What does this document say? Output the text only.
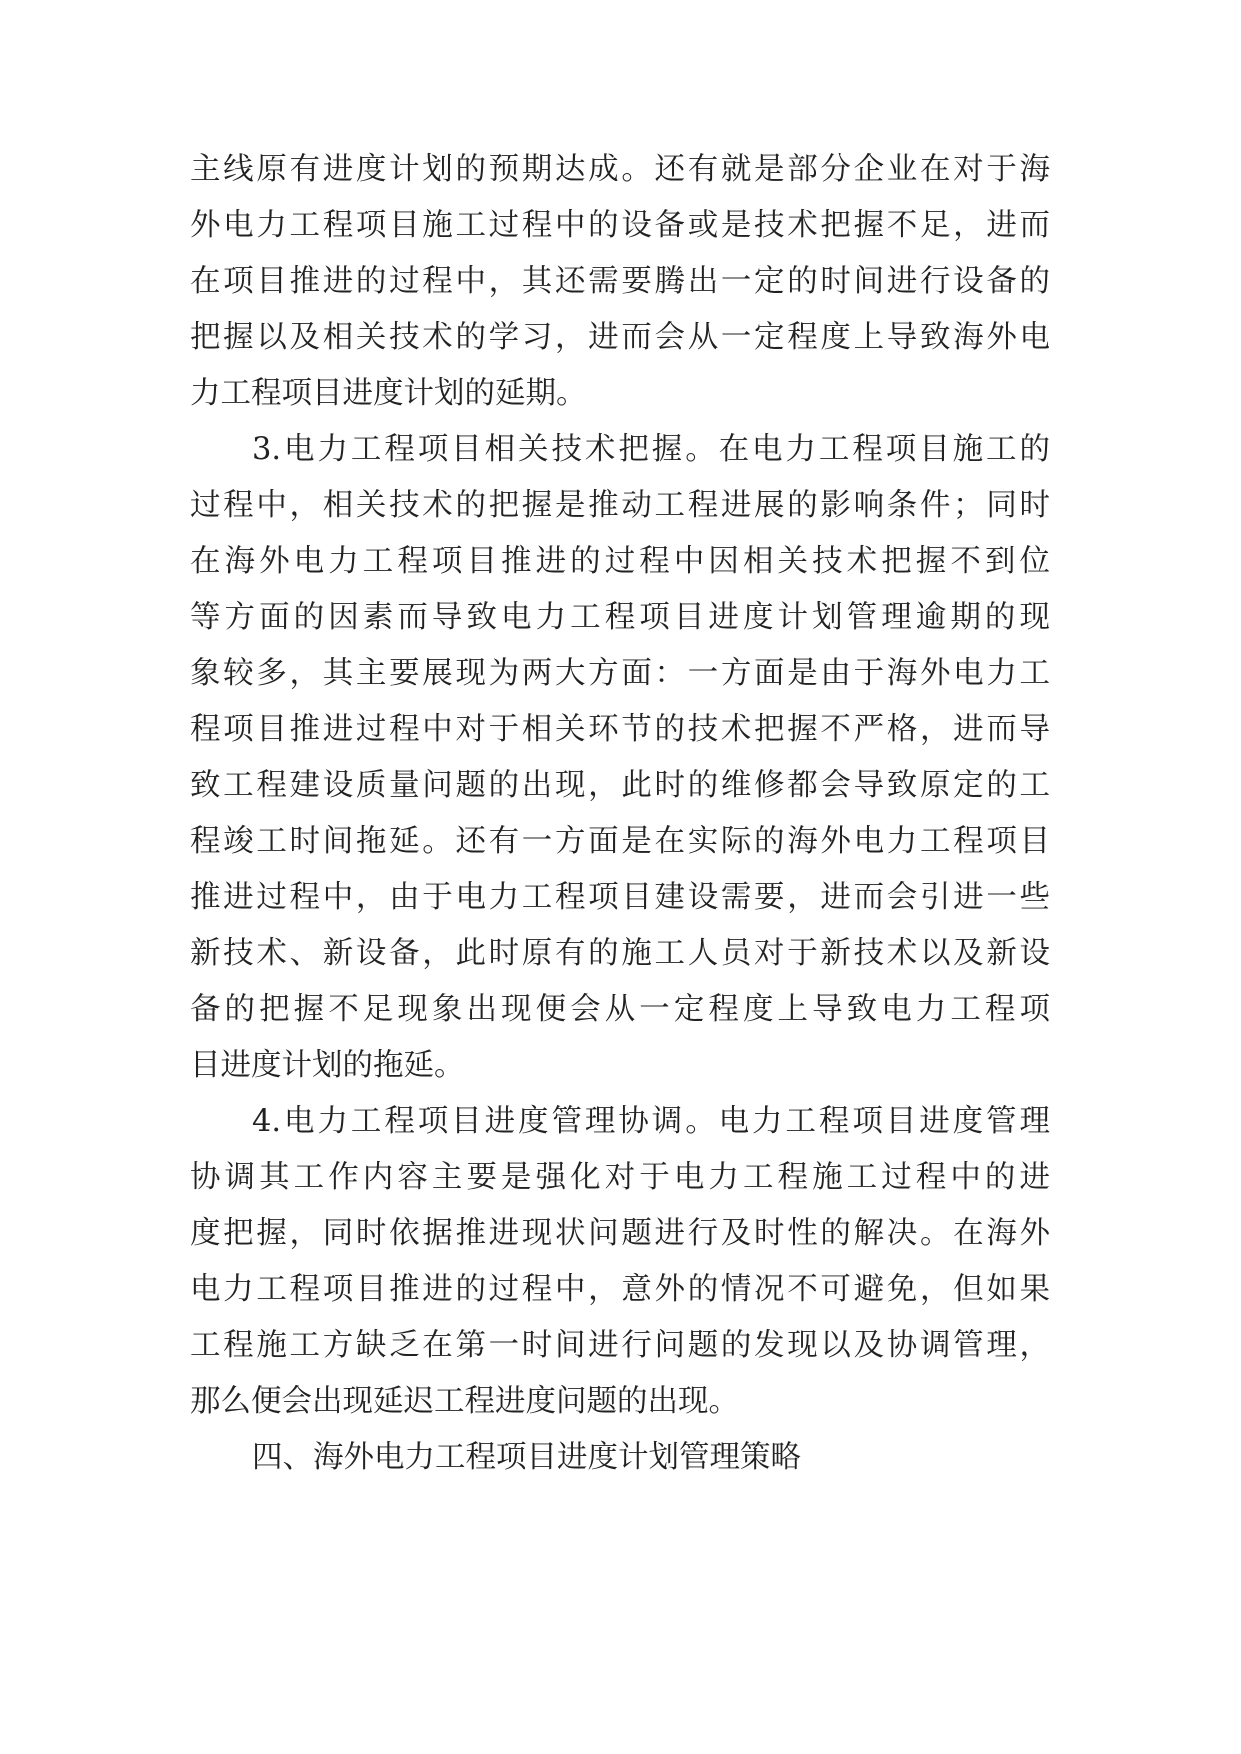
主线原有进度计划的预期达成。还有就是部分企业在对于海
外电力工程项目施工过程中的设备或是技术把握不足，进而
在项目推进的过程中，其还需要腾出一定的时间进行设备的
把握以及相关技术的学习，进而会从一定程度上导致海外电
力工程项目进度计划的延期。
3.电力工程项目相关技术把握。在电力工程项目施工的
过程中，相关技术的把握是推动工程进展的影响条件；同时
在海外电力工程项目推进的过程中因相关技术把握不到位
等方面的因素而导致电力工程项目进度计划管理逾期的现
象较多，其主要展现为两大方面：一方面是由于海外电力工
程项目推进过程中对于相关环节的技术把握不严格，进而导
致工程建设质量问题的出现，此时的维修都会导致原定的工
程竣工时间拖延。还有一方面是在实际的海外电力工程项目
推进过程中，由于电力工程项目建设需要，进而会引进一些
新技术、新设备，此时原有的施工人员对于新技术以及新设
备的把握不足现象出现便会从一定程度上导致电力工程项
目进度计划的拖延。
4.电力工程项目进度管理协调。电力工程项目进度管理
协调其工作内容主要是强化对于电力工程施工过程中的进
度把握，同时依据推进现状问题进行及时性的解决。在海外
电力工程项目推进的过程中，意外的情况不可避免，但如果
工程施工方缺乏在第一时间进行问题的发现以及协调管理，
那么便会出现延迟工程进度问题的出现。
四、海外电力工程项目进度计划管理策略
